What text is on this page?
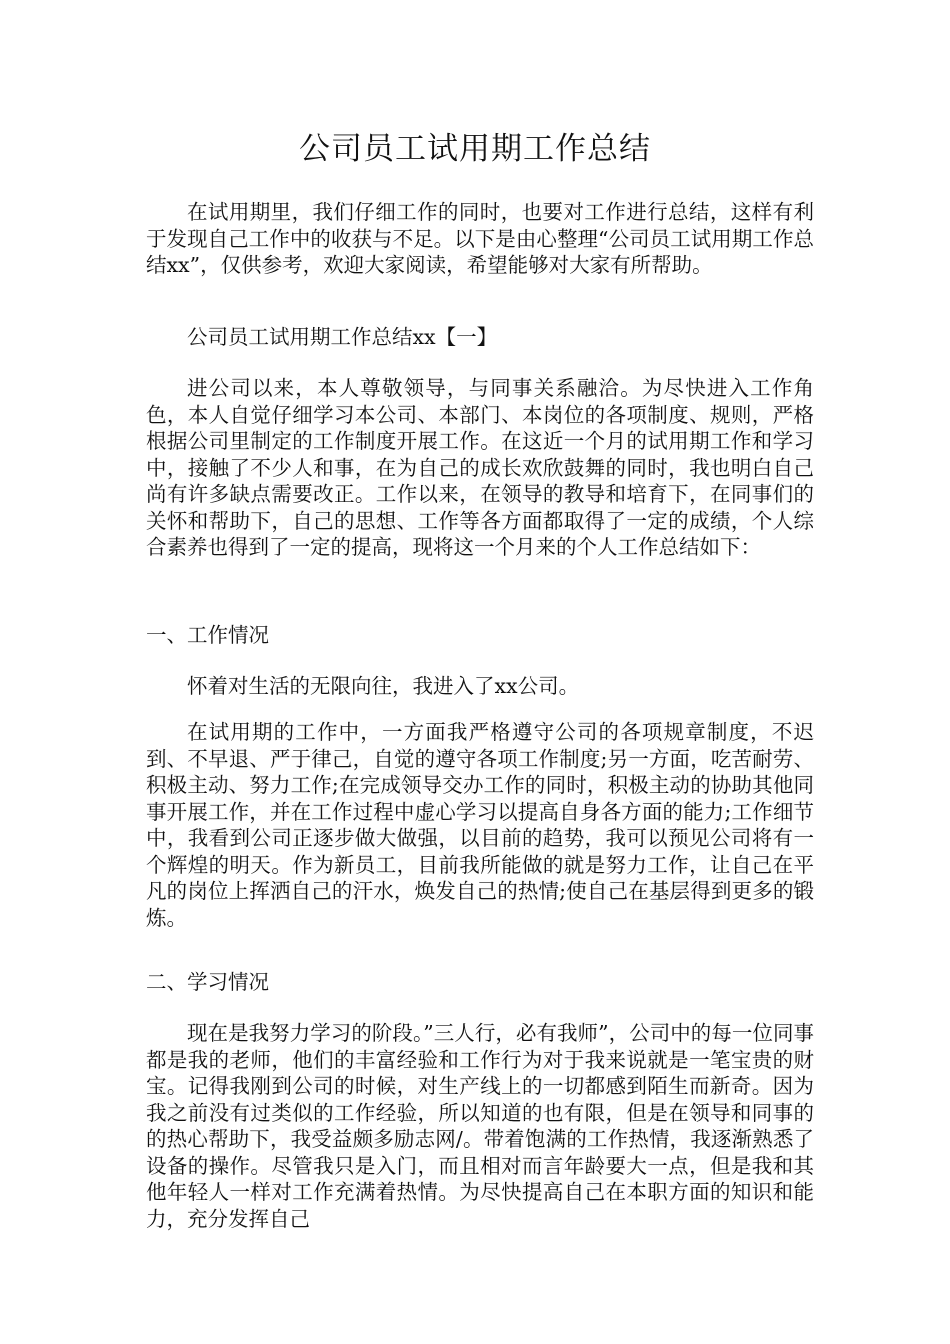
公司员工试用期工作总结

在试用期里，我们仔细工作的同时，也要对工作进行总结，这样有利于发现自己工作中的收获与不足。以下是由心整理“公司员工试用期工作总结xx”，仅供参考，欢迎大家阅读，希望能够对大家有所帮助。

公司员工试用期工作总结xx【一】

进公司以来，本人尊敬领导，与同事关系融洽。为尽快进入工作角色，本人自觉仔细学习本公司、本部门、本岗位的各项制度、规则，严格根据公司里制定的工作制度开展工作。在这近一个月的试用期工作和学习中，接触了不少人和事，在为自己的成长欢欣鼓舞的同时，我也明白自己尚有许多缺点需要改正。工作以来，在领导的教导和培育下，在同事们的关怀和帮助下，自己的思想、工作等各方面都取得了一定的成绩，个人综合素养也得到了一定的提高，现将这一个月来的个人工作总结如下：

一、工作情况

怀着对生活的无限向往，我进入了xx公司。

在试用期的工作中，一方面我严格遵守公司的各项规章制度，不迟到、不早退、严于律己，自觉的遵守各项工作制度;另一方面，吃苦耐劳、积极主动、努力工作;在完成领导交办工作的同时，积极主动的协助其他同事开展工作，并在工作过程中虚心学习以提高自身各方面的能力;工作细节中，我看到公司正逐步做大做强，以目前的趋势，我可以预见公司将有一个辉煌的明天。作为新员工，目前我所能做的就是努力工作，让自己在平凡的岗位上挥洒自己的汗水，焕发自己的热情;使自己在基层得到更多的锻炼。

二、学习情况

现在是我努力学习的阶段。”三人行，必有我师”，公司中的每一位同事都是我的老师，他们的丰富经验和工作行为对于我来说就是一笔宝贵的财宝。记得我刚到公司的时候，对生产线上的一切都感到陌生而新奇。因为我之前没有过类似的工作经验，所以知道的也有限，但是在领导和同事的的热心帮助下，我受益颇多励志网/。带着饱满的工作热情，我逐渐熟悉了设备的操作。尽管我只是入门，而且相对而言年龄要大一点，但是我和其他年轻人一样对工作充满着热情。为尽快提高自己在本职方面的知识和能力，充分发挥自己
